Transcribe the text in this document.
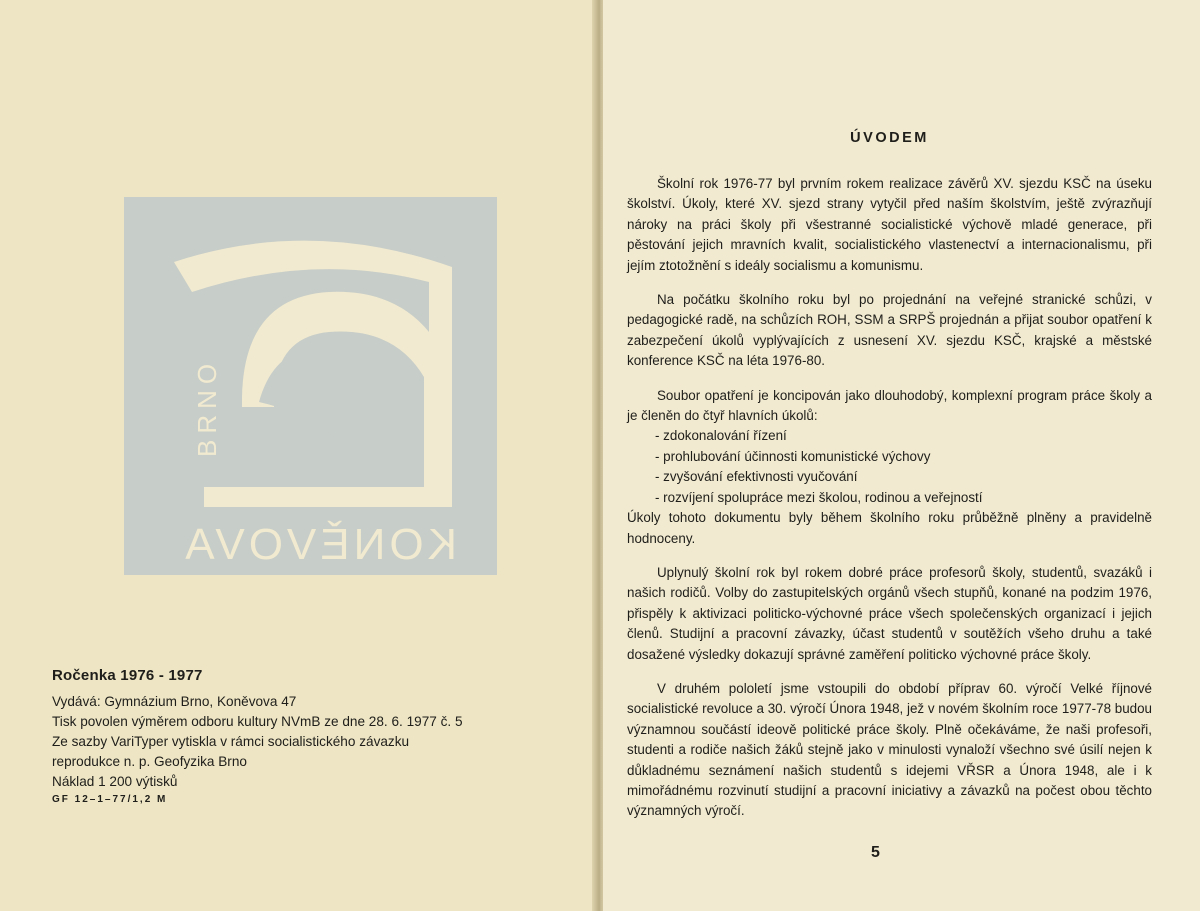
BRNO
KONĚVOVA
Ročenka 1976 - 1977
Vydává: Gymnázium Brno, Koněvova 47
Tisk povolen výměrem odboru kultury NVmB ze dne 28. 6. 1977 č. 5
Ze sazby VariTyper vytiskla v rámci socialistického závazku
reprodukce n. p. Geofyzika Brno
Náklad 1 200 výtisků
GF 12–1–77/1,2 M
ÚVODEM

Školní rok 1976-77 byl prvním rokem realizace závěrů XV. sjezdu KSČ na úseku školství. Úkoly, které XV. sjezd strany vytyčil před naším školstvím, ještě zvýrazňují nároky na práci školy při všestranné socialistické výchově mladé generace, při pěstování jejich mravních kvalit, socialistického vlastenectví a internacionalismu, při jejím ztotožnění s ideály socialismu a komunismu.

Na počátku školního roku byl po projednání na veřejné stranické schůzi, v pedagogické radě, na schůzích ROH, SSM a SRPŠ projednán a přijat soubor opatření k zabezpečení úkolů vyplývajících z usnesení XV. sjezdu KSČ, krajské a městské konference KSČ na léta 1976-80.

Soubor opatření je koncipován jako dlouhodobý, komplexní program práce školy a je členěn do čtyř hlavních úkolů:
- zdokonalování řízení
- prohlubování účinnosti komunistické výchovy
- zvyšování efektivnosti vyučování
- rozvíjení spolupráce mezi školou, rodinou a veřejností
Úkoly tohoto dokumentu byly během školního roku průběžně plněny a pravidelně hodnoceny.

Uplynulý školní rok byl rokem dobré práce profesorů školy, studentů, svazáků i našich rodičů. Volby do zastupitelských orgánů všech stupňů, konané na podzim 1976, přispěly k aktivizaci politicko-výchovné práce všech společenských organizací i jejich členů. Studijní a pracovní závazky, účast studentů v soutěžích všeho druhu a také dosažené výsledky dokazují správné zaměření politicko výchovné práce školy.

V druhém pololetí jsme vstoupili do období příprav 60. výročí Velké říjnové socialistické revoluce a 30. výročí Února 1948, jež v novém školním roce 1977-78 budou významnou součástí ideově politické práce školy. Plně očekáváme, že naši profesoři, studenti a rodiče našich žáků stejně jako v minulosti vynaloží všechno své úsilí nejen k důkladnému seznámení našich studentů s idejemi VŘSR a Února 1948, ale i k mimořádnému rozvinutí studijní a pracovní iniciativy a závazků na počest obou těchto významných výročí.

5
